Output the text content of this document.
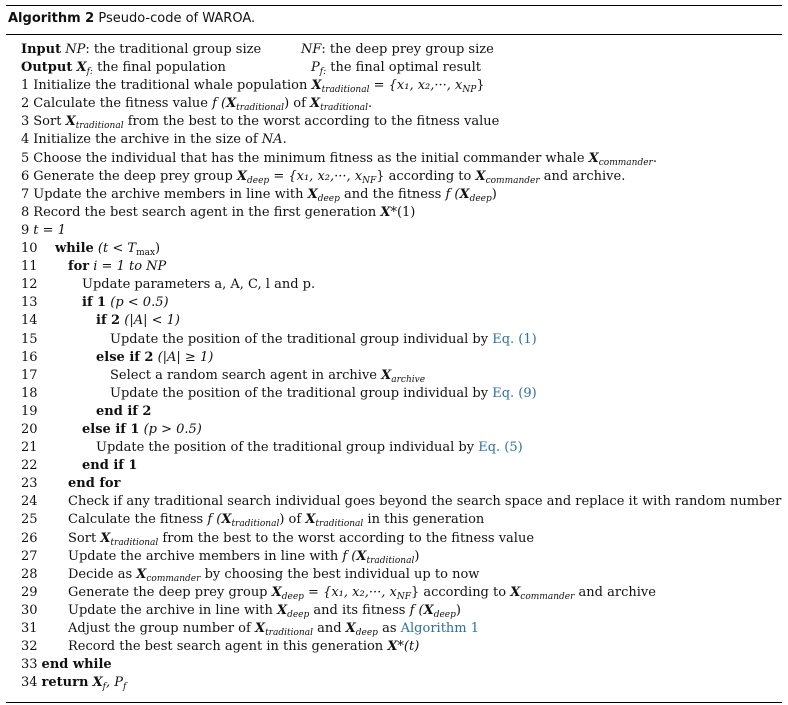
Algorithm 2 Pseudo-code of WAROA.
Input NP: the traditional group size	NF: the deep prey group size
Output $X_{f:}$ the final population	$P_{f:}$ the final optimal result
1 Initialize the traditional whale population $X_{traditional} = \{x_1$, x₂,···, $x_{NP}$}
2 Calculate the fitness value f $(X_{traditional})$ of $X_{traditional}$.
3 Sort $X_{traditional}$ from the best to the worst according to the fitness value
4 Initialize the archive in the size of NA.
5 Choose the individual that has the minimum fitness as the initial commander whale $X_{commander}$.
6 Generate the deep prey group $X_{deep} = \{x_1$, x₂,···, $x_{NF}$} according to $X_{commander}$ and archive.
7 Update the archive members in line with $X_{deep}$ and the fitness f $(X_{deep})$
8 Record the best search agent in the first generation X*(1)
9 t = 1
10 while $(t < T_{max})$
11 for i = 1 to NP
12	Update parameters a, A, C, l and p.
13	if 1 (p < 0.5)
14	if 2 (|A| < 1)
15	Update the position of the traditional group individual by Eq. (1)
16	else if 2 (|A| ≥ 1)
17	Select a random search agent in archive $X_{archive}$
18	Update the position of the traditional group individual by Eq. (9)
19	end if 2
20	else if 1 (p > 0.5)
21	Update the position of the traditional group individual by Eq. (5)
22	end if 1
23 end for
24 Check if any traditional search individual goes beyond the search space and replace it with random number
25 Calculate the fitness f $(X_{traditional})$ of $X_{traditional}$ in this generation
26 Sort $X_{traditional}$ from the best to the worst according to the fitness value
27 Update the archive members in line with f $(X_{traditional})$
28 Decide as $X_{commander}$ by choosing the best individual up to now
29 Generate the deep prey group $X_{deep} = \{x_1$, x₂,···, $x_{NF}$} according to $X_{commander}$ and archive
30 Update the archive in line with $X_{deep}$ and its fitness f $(X_{deep})$
31 Adjust the group number of $X_{traditional}$ and $X_{deep}$ as Algorithm 1
32 Record the best search agent in this generation X*(t)
33 end while
34 return $X_f$, $P_f$
